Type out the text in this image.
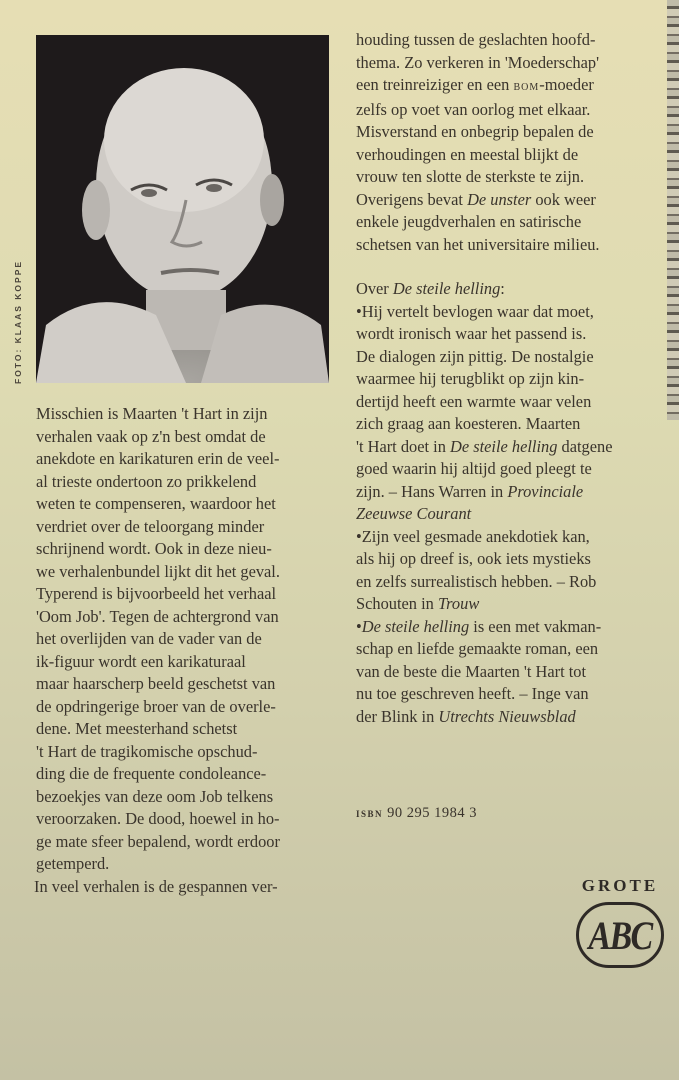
FOTO: KLAAS KOPPE

Misschien is Maarten 't Hart in zijn

verhalen vaak op z'n best omdat de

anekdote en karikaturen erin de veel-

al trieste ondertoon zo prikkelend

weten te compenseren, waardoor het

verdriet over de teloorgang minder

schrijnend wordt. Ook in deze nieu-

we verhalenbundel lijkt dit het geval.

Typerend is bijvoorbeeld het verhaal

'Oom Job'. Tegen de achtergrond van

het overlijden van de vader van de

ik-figuur wordt een karikaturaal

maar haarscherp beeld geschetst van

de opdringerige broer van de overle-

dene. Met meesterhand schetst

't Hart de tragikomische opschud-

ding die de frequente condoleance-

bezoekjes van deze oom Job telkens

veroorzaken. De dood, hoewel in ho-

ge mate sfeer bepalend, wordt erdoor

getemperd.

In veel verhalen is de gespannen ver-

houding tussen de geslachten hoofd-

thema. Zo verkeren in 'Moederschap'

een treinreiziger en een bom-moeder

zelfs op voet van oorlog met elkaar.

Misverstand en onbegrip bepalen de

verhoudingen en meestal blijkt de

vrouw ten slotte de sterkste te zijn.

Overigens bevat De unster ook weer

enkele jeugdverhalen en satirische

schetsen van het universitaire milieu.

Over De steile helling:

•Hij vertelt bevlogen waar dat moet,

wordt ironisch waar het passend is.

De dialogen zijn pittig. De nostalgie

waarmee hij terugblikt op zijn kin-

dertijd heeft een warmte waar velen

zich graag aan koesteren. Maarten

't Hart doet in De steile helling datgene

goed waarin hij altijd goed pleegt te

zijn. – Hans Warren in Provinciale

Zeeuwse Courant

•Zijn veel gesmade anekdotiek kan,

als hij op dreef is, ook iets mystieks

en zelfs surrealistisch hebben. – Rob

Schouten in Trouw

•De steile helling is een met vakman-

schap en liefde gemaakte roman, een

van de beste die Maarten 't Hart tot

nu toe geschreven heeft. – Inge van

der Blink in Utrechts Nieuwsblad

isbn 90 295 1984 3
GROTE
ABC
